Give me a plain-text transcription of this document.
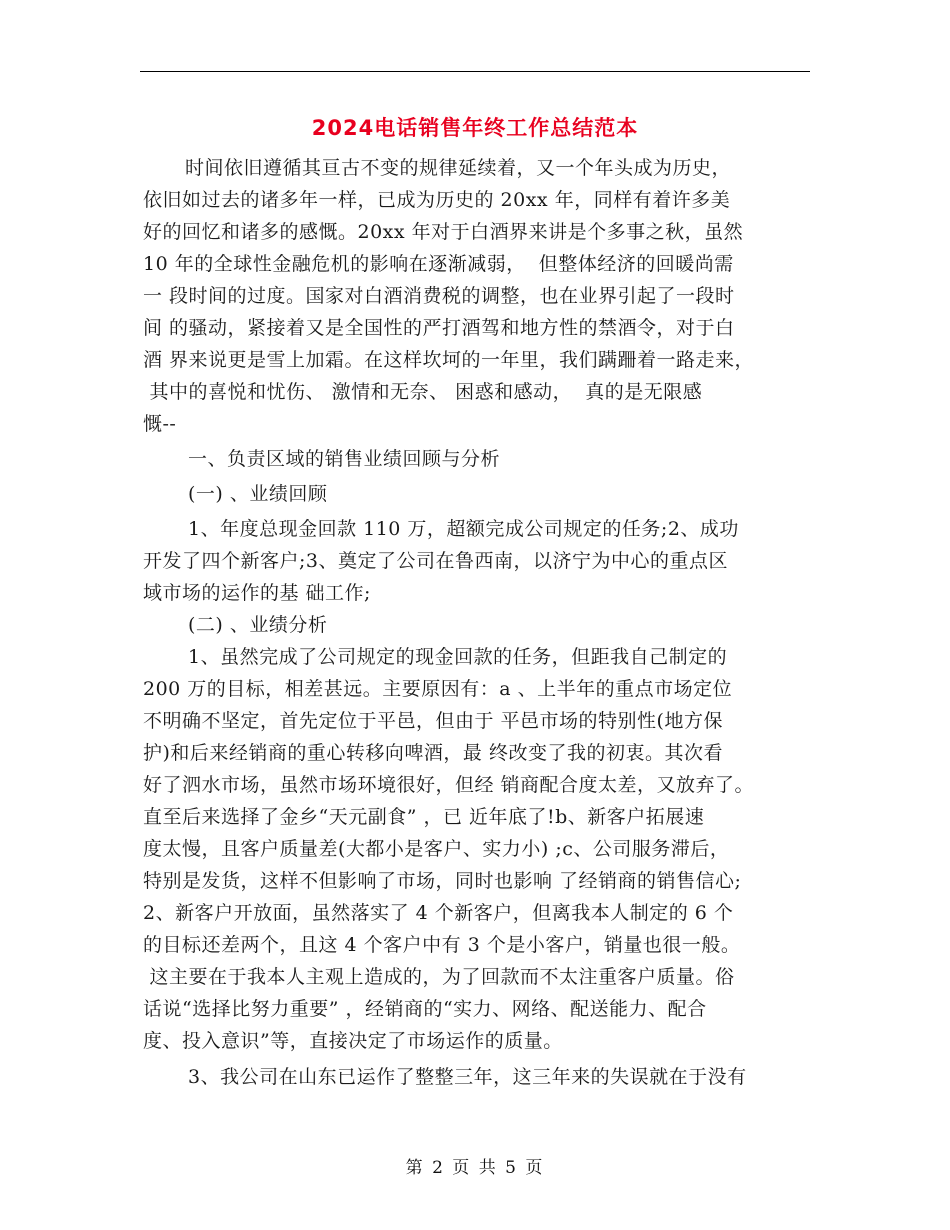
2024电话销售年终工作总结范本
时间依旧遵循其亘古不变的规律延续着，又一个年头成为历史，
依旧如过去的诸多年一样，已成为历史的 20xx 年，同样有着许多美
好的回忆和诸多的感慨。20xx 年对于白酒界来讲是个多事之秋，虽然
10 年的全球性金融危机的影响在逐渐减弱，  但整体经济的回暖尚需
一 段时间的过度。国家对白酒消费税的调整，也在业界引起了一段时
间 的骚动，紧接着又是全国性的严打酒驾和地方性的禁酒令，对于白
酒 界来说更是雪上加霜。在这样坎坷的一年里，我们蹒跚着一路走来，
其中的喜悦和忧伤、 激情和无奈、 困惑和感动，  真的是无限感
慨--
一、负责区域的销售业绩回顾与分析
(一) 、业绩回顾
1、年度总现金回款 110 万，超额完成公司规定的任务;2、成功
开发了四个新客户;3、奠定了公司在鲁西南，以济宁为中心的重点区
域市场的运作的基 础工作;
(二) 、业绩分析
1、虽然完成了公司规定的现金回款的任务，但距我自己制定的
200 万的目标，相差甚远。主要原因有：a 、上半年的重点市场定位
不明确不坚定，首先定位于平邑，但由于 平邑市场的特别性(地方保
护)和后来经销商的重心转移向啤酒，最 终改变了我的初衷。其次看
好了泗水市场，虽然市场环境很好，但经 销商配合度太差，又放弃了。
直至后来选择了金乡“天元副食” ，已 近年底了!b、新客户拓展速
度太慢，且客户质量差(大都小是客户、实力小) ;c、公司服务滞后，
特别是发货，这样不但影响了市场，同时也影响 了经销商的销售信心;
2、新客户开放面，虽然落实了 4 个新客户，但离我本人制定的 6 个
的目标还差两个，且这 4 个客户中有 3 个是小客户，销量也很一般。
这主要在于我本人主观上造成的，为了回款而不太注重客户质量。俗
话说“选择比努力重要” ，经销商的“实力、网络、配送能力、配合
度、投入意识”等，直接决定了市场运作的质量。
3、我公司在山东已运作了整整三年，这三年来的失误就在于没有
第 2 页 共 5 页
